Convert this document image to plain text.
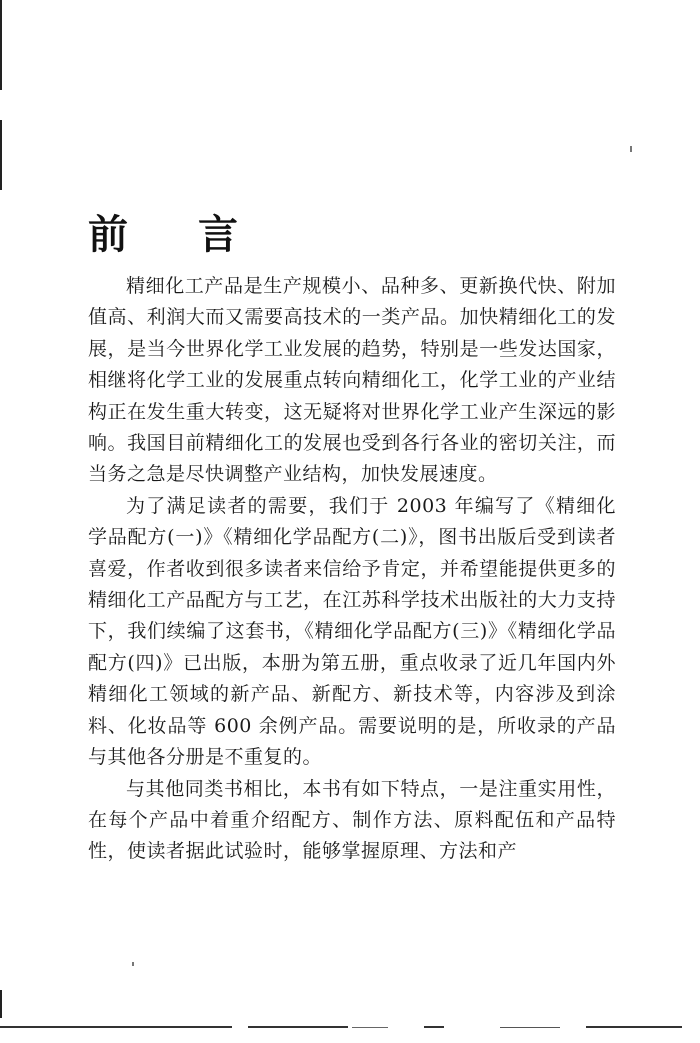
前	言

精细化工产品是生产规模小、品种多、更新换代快、附加值高、利润大而又需要高技术的一类产品。加快精细化工的发展，是当今世界化学工业发展的趋势，特别是一些发达国家，相继将化学工业的发展重点转向精细化工，化学工业的产业结构正在发生重大转变，这无疑将对世界化学工业产生深远的影响。我国目前精细化工的发展也受到各行各业的密切关注，而当务之急是尽快调整产业结构，加快发展速度。

为了满足读者的需要，我们于 2003 年编写了《精细化学品配方(一)》《精细化学品配方(二)》，图书出版后受到读者喜爱，作者收到很多读者来信给予肯定，并希望能提供更多的精细化工产品配方与工艺，在江苏科学技术出版社的大力支持下，我们续编了这套书，《精细化学品配方(三)》《精细化学品配方(四)》已出版，本册为第五册，重点收录了近几年国内外精细化工领域的新产品、新配方、新技术等，内容涉及到涂料、化妆品等 600 余例产品。需要说明的是，所收录的产品与其他各分册是不重复的。

与其他同类书相比，本书有如下特点，一是注重实用性，在每个产品中着重介绍配方、制作方法、原料配伍和产品特性，使读者据此试验时，能够掌握原理、方法和产
